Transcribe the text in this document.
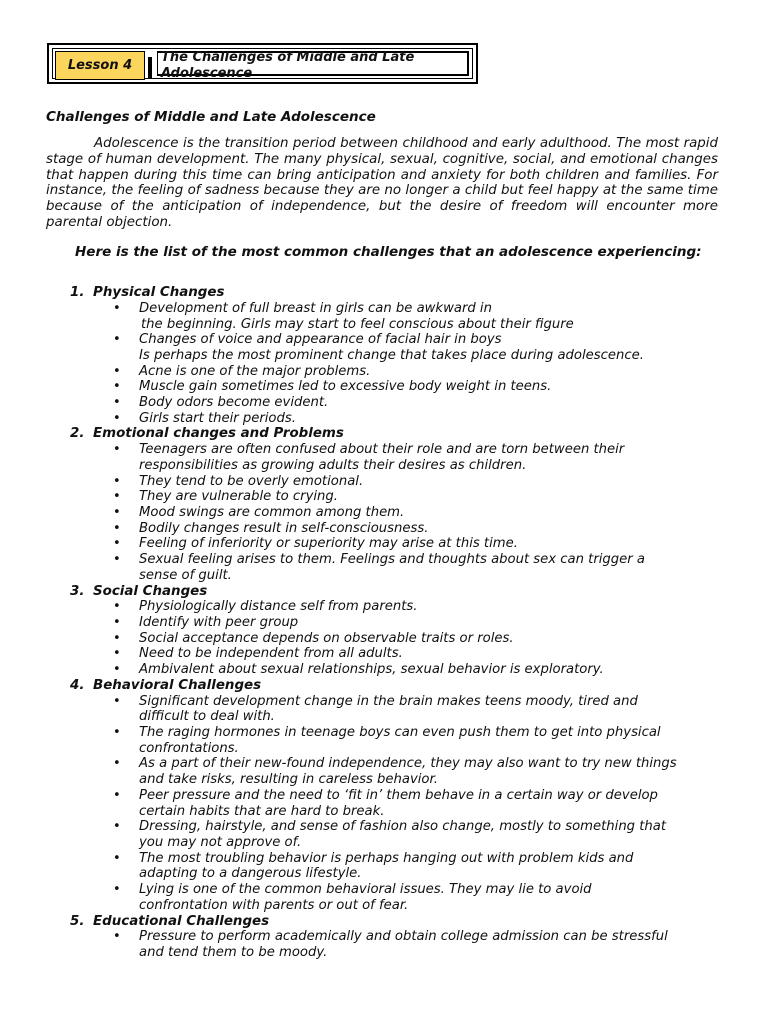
Lesson 4
The Challenges of Middle and Late Adolescence
Challenges of Middle and Late Adolescence

Adolescence is the transition period between childhood and early adulthood. The most rapid stage of human development. The many physical, sexual, cognitive, social, and emotional changes that happen during this time can bring anticipation and anxiety for both children and families. For instance, the feeling of sadness because they are no longer a child but feel happy at the same time because of the anticipation of independence, but the desire of freedom will encounter more parental objection.

Here is the list of the most common challenges that an adolescence experiencing:

1. Physical Changes
• Development of full breast in girls can be awkward in
the beginning. Girls may start to feel conscious about their figure
• Changes of voice and appearance of facial hair in boys
Is perhaps the most prominent change that takes place during adolescence.
• Acne is one of the major problems.
• Muscle gain sometimes led to excessive body weight in teens.
• Body odors become evident.
• Girls start their periods.
2. Emotional changes and Problems
• Teenagers are often confused about their role and are torn between their
responsibilities as growing adults their desires as children.
• They tend to be overly emotional.
• They are vulnerable to crying.
• Mood swings are common among them.
• Bodily changes result in self-consciousness.
• Feeling of inferiority or superiority may arise at this time.
• Sexual feeling arises to them. Feelings and thoughts about sex can trigger a
sense of guilt.
3. Social Changes
• Physiologically distance self from parents.
• Identify with peer group
• Social acceptance depends on observable traits or roles.
• Need to be independent from all adults.
• Ambivalent about sexual relationships, sexual behavior is exploratory.
4. Behavioral Challenges
• Significant development change in the brain makes teens moody, tired and
difficult to deal with.
• The raging hormones in teenage boys can even push them to get into physical
confrontations.
• As a part of their new-found independence, they may also want to try new things
and take risks, resulting in careless behavior.
• Peer pressure and the need to ‘fit in’ them behave in a certain way or develop
certain habits that are hard to break.
• Dressing, hairstyle, and sense of fashion also change, mostly to something that
you may not approve of.
• The most troubling behavior is perhaps hanging out with problem kids and
adapting to a dangerous lifestyle.
• Lying is one of the common behavioral issues. They may lie to avoid
confrontation with parents or out of fear.
5. Educational Challenges
• Pressure to perform academically and obtain college admission can be stressful
and tend them to be moody.
